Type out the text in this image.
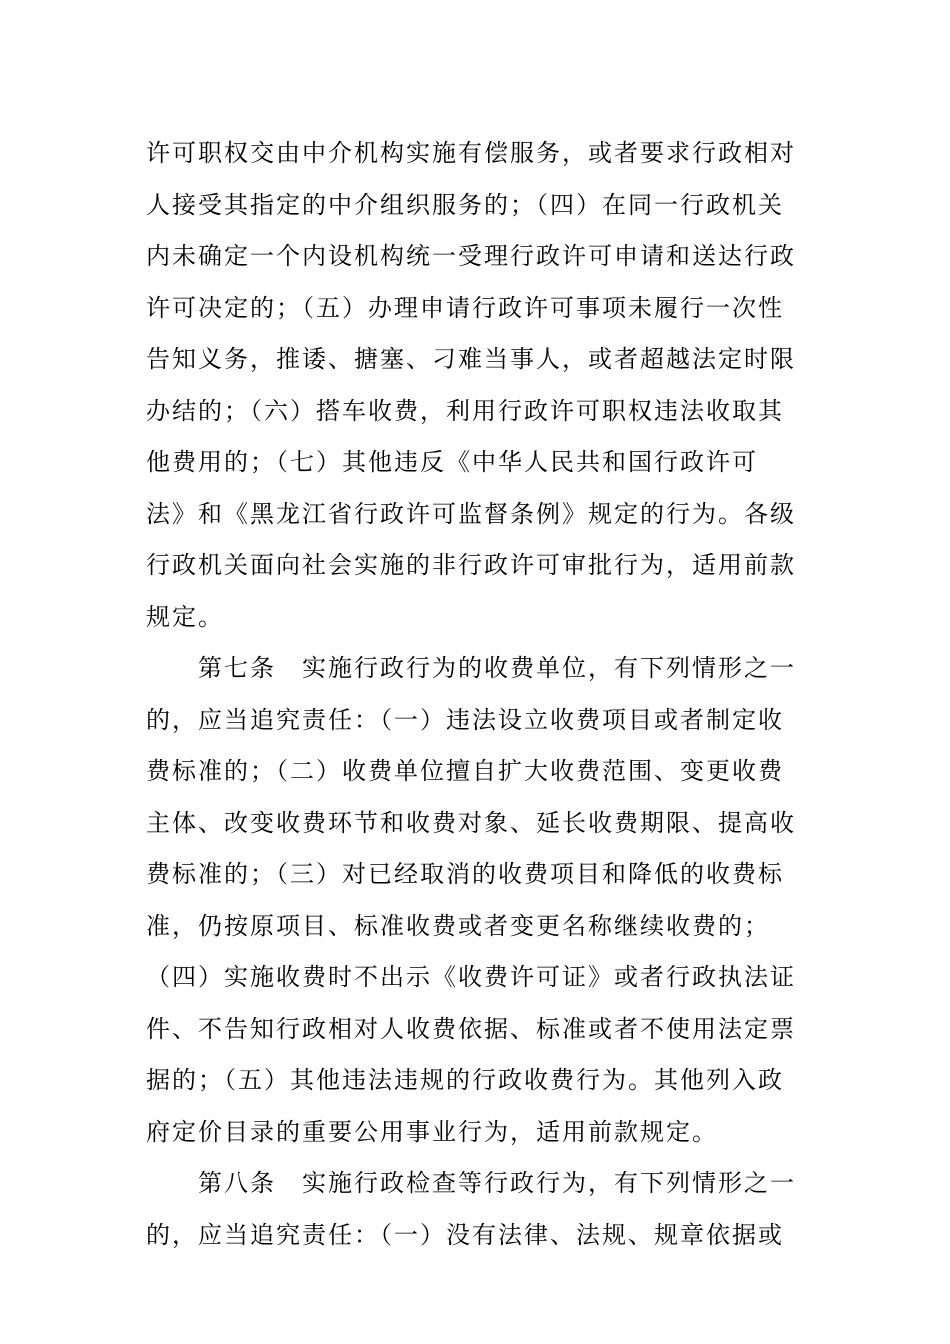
许可职权交由中介机构实施有偿服务，或者要求行政相对
人接受其指定的中介组织服务的；（四）在同一行政机关
内未确定一个内设机构统一受理行政许可申请和送达行政
许可决定的；（五）办理申请行政许可事项未履行一次性
告知义务，推诿、搪塞、刁难当事人，或者超越法定时限
办结的；（六）搭车收费，利用行政许可职权违法收取其
他费用的；（七）其他违反《中华人民共和国行政许可
法》和《黑龙江省行政许可监督条例》规定的行为。各级
行政机关面向社会实施的非行政许可审批行为，适用前款
规定。
第七条　实施行政行为的收费单位，有下列情形之一
的，应当追究责任：（一）违法设立收费项目或者制定收
费标准的；（二）收费单位擅自扩大收费范围、变更收费
主体、改变收费环节和收费对象、延长收费期限、提高收
费标准的；（三）对已经取消的收费项目和降低的收费标
准，仍按原项目、标准收费或者变更名称继续收费的；
（四）实施收费时不出示《收费许可证》或者行政执法证
件、不告知行政相对人收费依据、标准或者不使用法定票
据的；（五）其他违法违规的行政收费行为。其他列入政
府定价目录的重要公用事业行为，适用前款规定。
第八条　实施行政检查等行政行为，有下列情形之一
的，应当追究责任：（一）没有法律、法规、规章依据或
